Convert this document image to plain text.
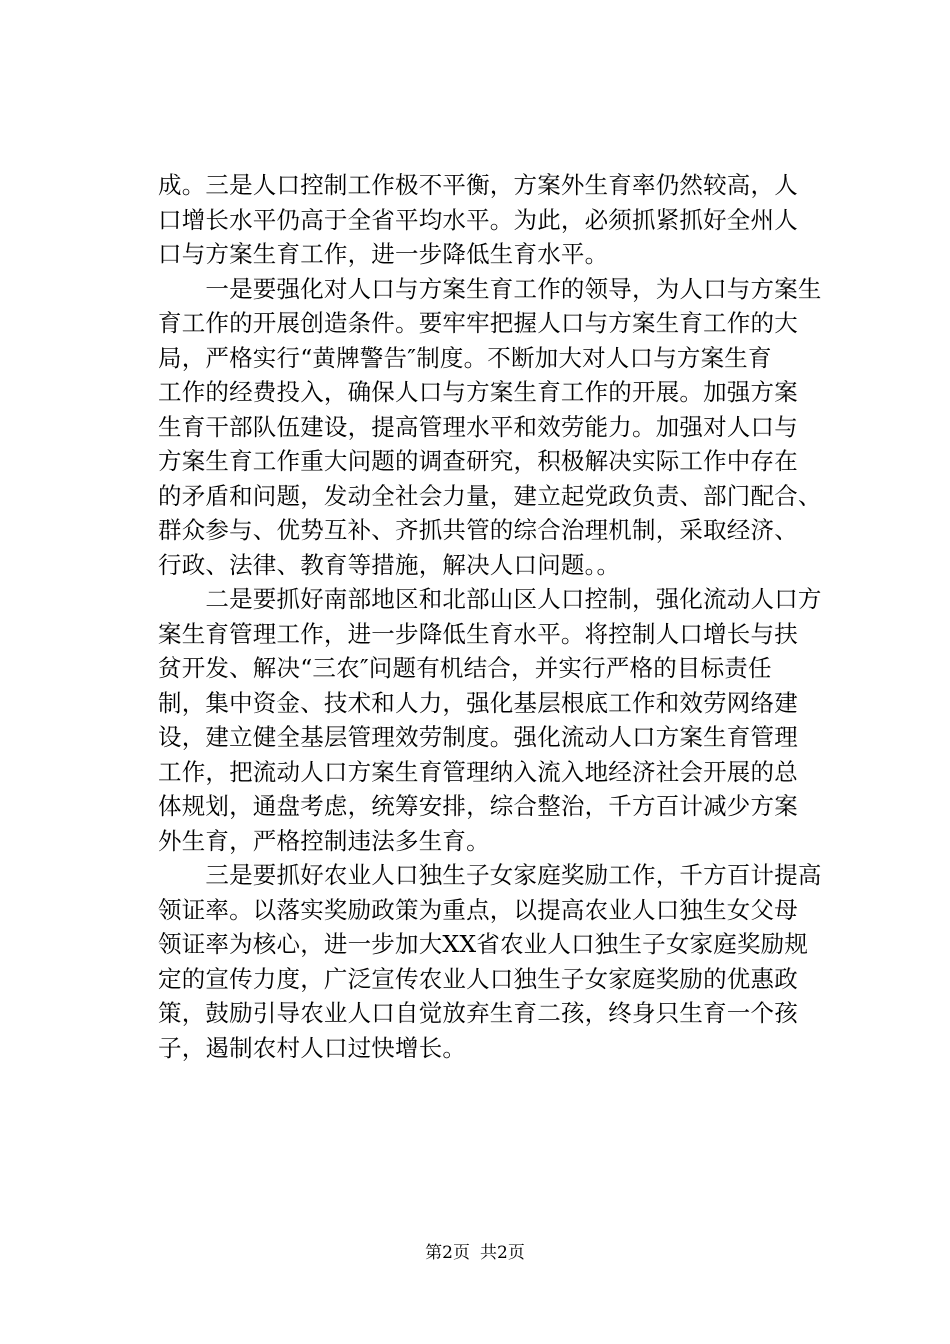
成。三是人口控制工作极不平衡，方案外生育率仍然较高，人
口增长水平仍高于全省平均水平。为此，必须抓紧抓好全州人
口与方案生育工作，进一步降低生育水平。
　　一是要强化对人口与方案生育工作的领导，为人口与方案生
育工作的开展创造条件。要牢牢把握人口与方案生育工作的大
局，严格实行“黄牌警告″制度。不断加大对人口与方案生育
工作的经费投入，确保人口与方案生育工作的开展。加强方案
生育干部队伍建设，提高管理水平和效劳能力。加强对人口与
方案生育工作重大问题的调查研究，积极解决实际工作中存在
的矛盾和问题，发动全社会力量，建立起党政负责、部门配合、
群众参与、优势互补、齐抓共管的综合治理机制，采取经济、
行政、法律、教育等措施，解决人口问题。。
　　二是要抓好南部地区和北部山区人口控制，强化流动人口方
案生育管理工作，进一步降低生育水平。将控制人口增长与扶
贫开发、解决“三农″问题有机结合，并实行严格的目标责任
制，集中资金、技术和人力，强化基层根底工作和效劳网络建
设，建立健全基层管理效劳制度。强化流动人口方案生育管理
工作，把流动人口方案生育管理纳入流入地经济社会开展的总
体规划，通盘考虑，统筹安排，综合整治，千方百计减少方案
外生育，严格控制违法多生育。
　　三是要抓好农业人口独生子女家庭奖励工作，千方百计提高
领证率。以落实奖励政策为重点，以提高农业人口独生女父母
领证率为核心，进一步加大XX省农业人口独生子女家庭奖励规
定的宣传力度，广泛宣传农业人口独生子女家庭奖励的优惠政
策，鼓励引导农业人口自觉放弃生育二孩，终身只生育一个孩
子，遏制农村人口过快增长。
第2页 共2页
